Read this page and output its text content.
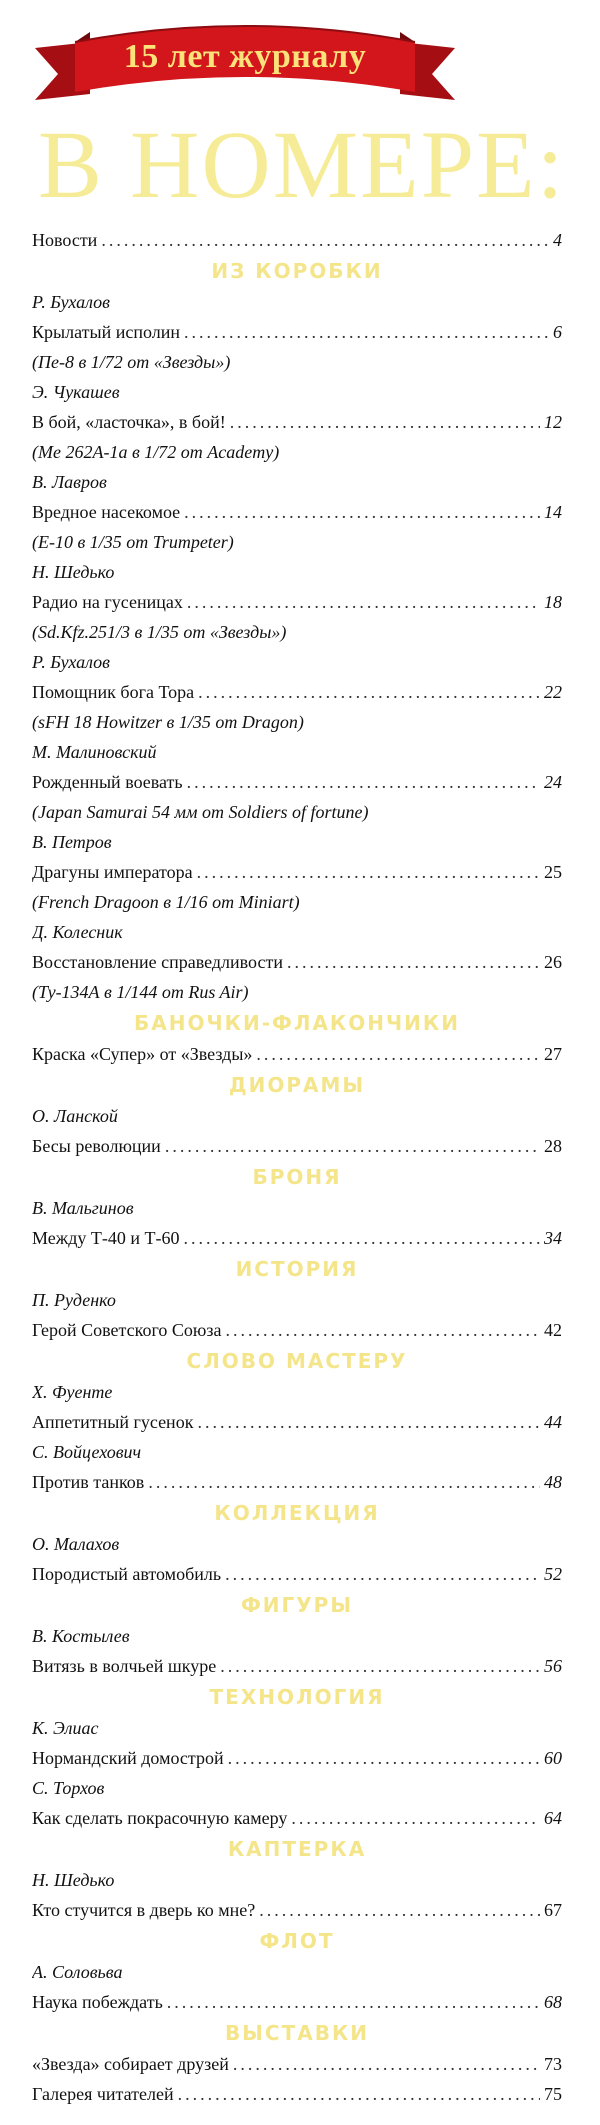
15 лет журналу
В НОМЕРЕ:
Новости .....	4
ИЗ КОРОБКИ
Р. Бухалов
Крылатый исполин .....	6
(Пе-8 в 1/72 от «Звезды»)
Э. Чукашев
В бой, «ласточка», в бой! .....	12
(Me 262A-1a в 1/72 от Academy)
В. Лавров
Вредное насекомое .....	14
(E-10 в 1/35 от Trumpeter)
Н. Шедько
Радио на гусеницах .....	18
(Sd.Kfz.251/3 в 1/35 от «Звезды»)
Р. Бухалов
Помощник бога Тора .....	22
(sFH 18 Howitzer в 1/35 от Dragon)
М. Малиновский
Рожденный воевать .....	24
(Japan Samurai 54 мм от Soldiers of fortune)
В. Петров
Драгуны императора .....	25
(French Dragoon в 1/16 от Miniart)
Д. Колесник
Восстановление справедливости .....	26
(Ту-134А в 1/144 от Rus Air)
БАНОЧКИ-ФЛАКОНЧИКИ
Краска «Супер» от «Звезды» .....	27
ДИОРАМЫ
О. Ланской
Бесы революции .....	28
БРОНЯ
В. Мальгинов
Между Т-40 и Т-60 .....	34
ИСТОРИЯ
П. Руденко
Герой Советского Союза .....	42
СЛОВО МАСТЕРУ
Х. Фуенте
Аппетитный гусенок .....	44
С. Войцехович
Против танков .....	48
КОЛЛЕКЦИЯ
О. Малахов
Породистый автомобиль .....	52
ФИГУРЫ
В. Костылев
Витязь в волчьей шкуре .....	56
ТЕХНОЛОГИЯ
К. Элиас
Нормандский домострой .....	60
С. Торхов
Как сделать покрасочную камеру .....	64
КАПТЕРКА
Н. Шедько
Кто стучится в дверь ко мне? .....	67
ФЛОТ
А. Соловьва
Наука побеждать .....	68
ВЫСТАВКИ
«Звезда» собирает друзей .....	73
Галерея читателей .....	75
